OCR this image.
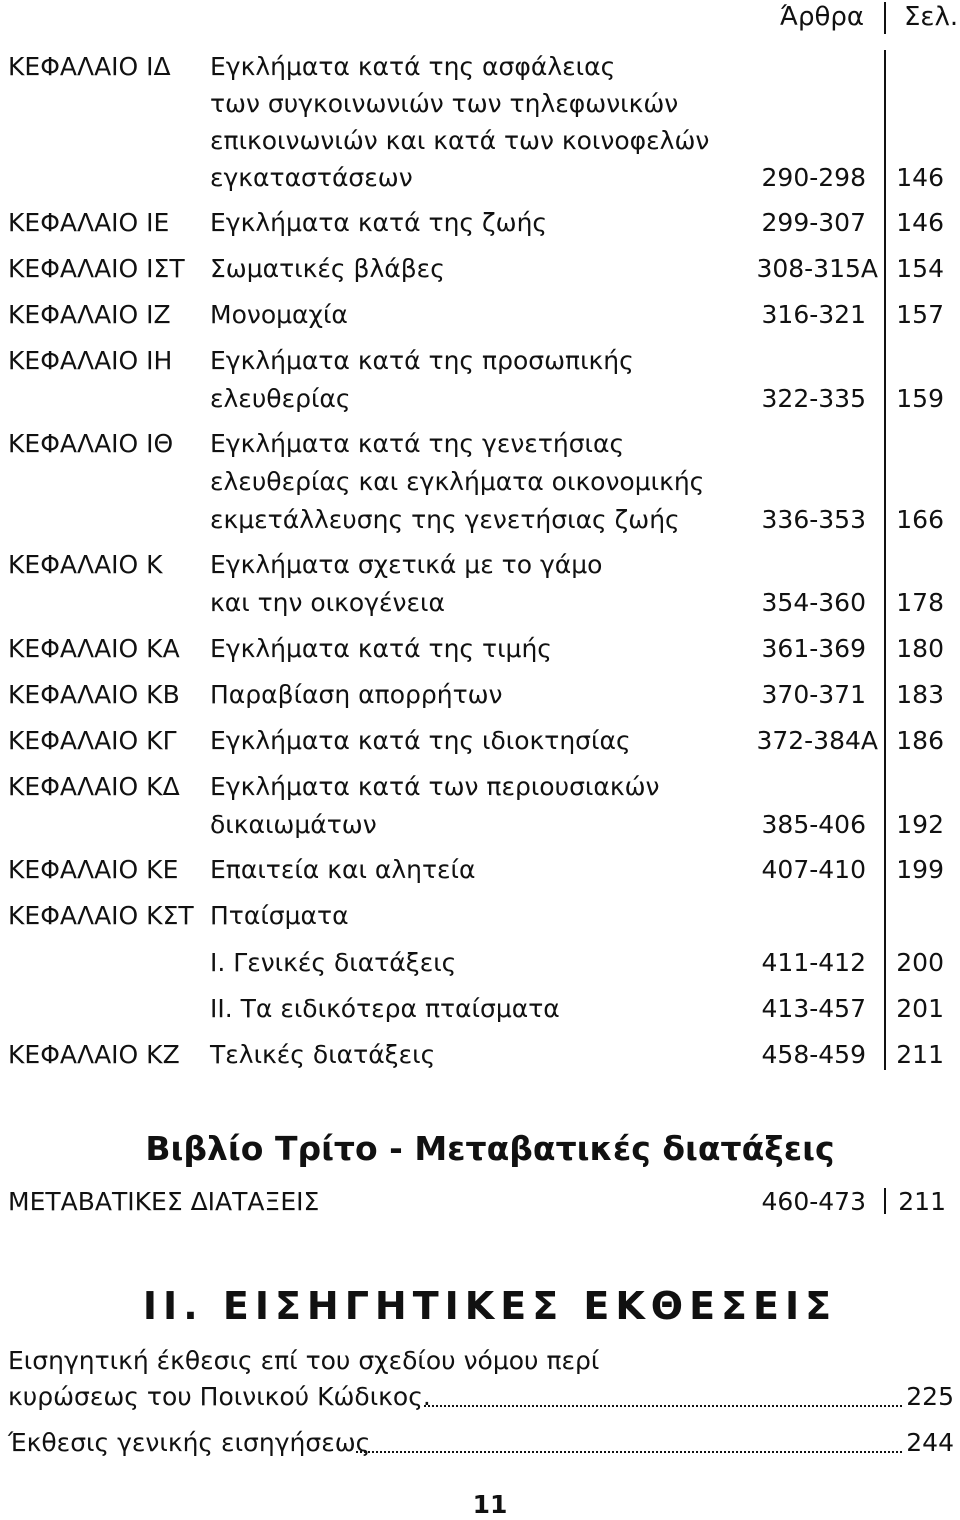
Άρθρα Σελ.
ΚΕΦΑΛΑΙΟ ΙΔ Εγκλήματα κατά της ασφάλειας
των συγκοινωνιών των τηλεφωνικών
επικοινωνιών και κατά των κοινοφελών
εγκαταστάσεων	290-298	146
ΚΕΦΑΛΑΙΟ ΙΕ Εγκλήματα κατά της ζωής	299-307	146
ΚΕΦΑΛΑΙΟ ΙΣΤ Σωματικές βλάβες	308-315Α 154
ΚΕΦΑΛΑΙΟ ΙΖ Μονομαχία	316-321	157
ΚΕΦΑΛΑΙΟ ΙΗ Εγκλήματα κατά της προσωπικής
ελευθερίας	322-335	159
ΚΕΦΑΛΑΙΟ ΙΘ Εγκλήματα κατά της γενετήσιας
ελευθερίας και εγκλήματα οικονομικής
εκμετάλλευσης της γενετήσιας ζωής	336-353	166
ΚΕΦΑΛΑΙΟ Κ Εγκλήματα σχετικά με το γάμο
και την οικογένεια	354-360	178
ΚΕΦΑΛΑΙΟ ΚΑ Εγκλήματα κατά της τιμής	361-369	180
ΚΕΦΑΛΑΙΟ ΚΒ Παραβίαση απορρήτων	370-371	183
ΚΕΦΑΛΑΙΟ ΚΓ Εγκλήματα κατά της ιδιοκτησίας	372-384Α 186
ΚΕΦΑΛΑΙΟ ΚΔ Εγκλήματα κατά των περιουσιακών
δικαιωμάτων	385-406	192
ΚΕΦΑΛΑΙΟ ΚΕ Επαιτεία και αλητεία	407-410	199
ΚΕΦΑΛΑΙΟ ΚΣΤ Πταίσματα
Ι. Γενικές διατάξεις	411-412	200
ΙΙ. Τα ειδικότερα πταίσματα	413-457	201
ΚΕΦΑΛΑΙΟ ΚΖ Τελικές διατάξεις	458-459	211
Βιβλίο Τρίτο - Μεταβατικές διατάξεις
ΜΕΤΑΒΑΤΙΚΕΣ ΔΙΑΤΑΞΕΙΣ	460-473	211
ΙΙ. ΕΙΣΗΓΗΤΙΚΕΣ ΕΚΘΕΣΕΙΣ
Εισηγητική έκθεσις επί του σχεδίου νόμου περί
κυρώσεως του Ποινικού Κώδικος.	225
Έκθεσις γενικής εισηγήσεως	244
11
